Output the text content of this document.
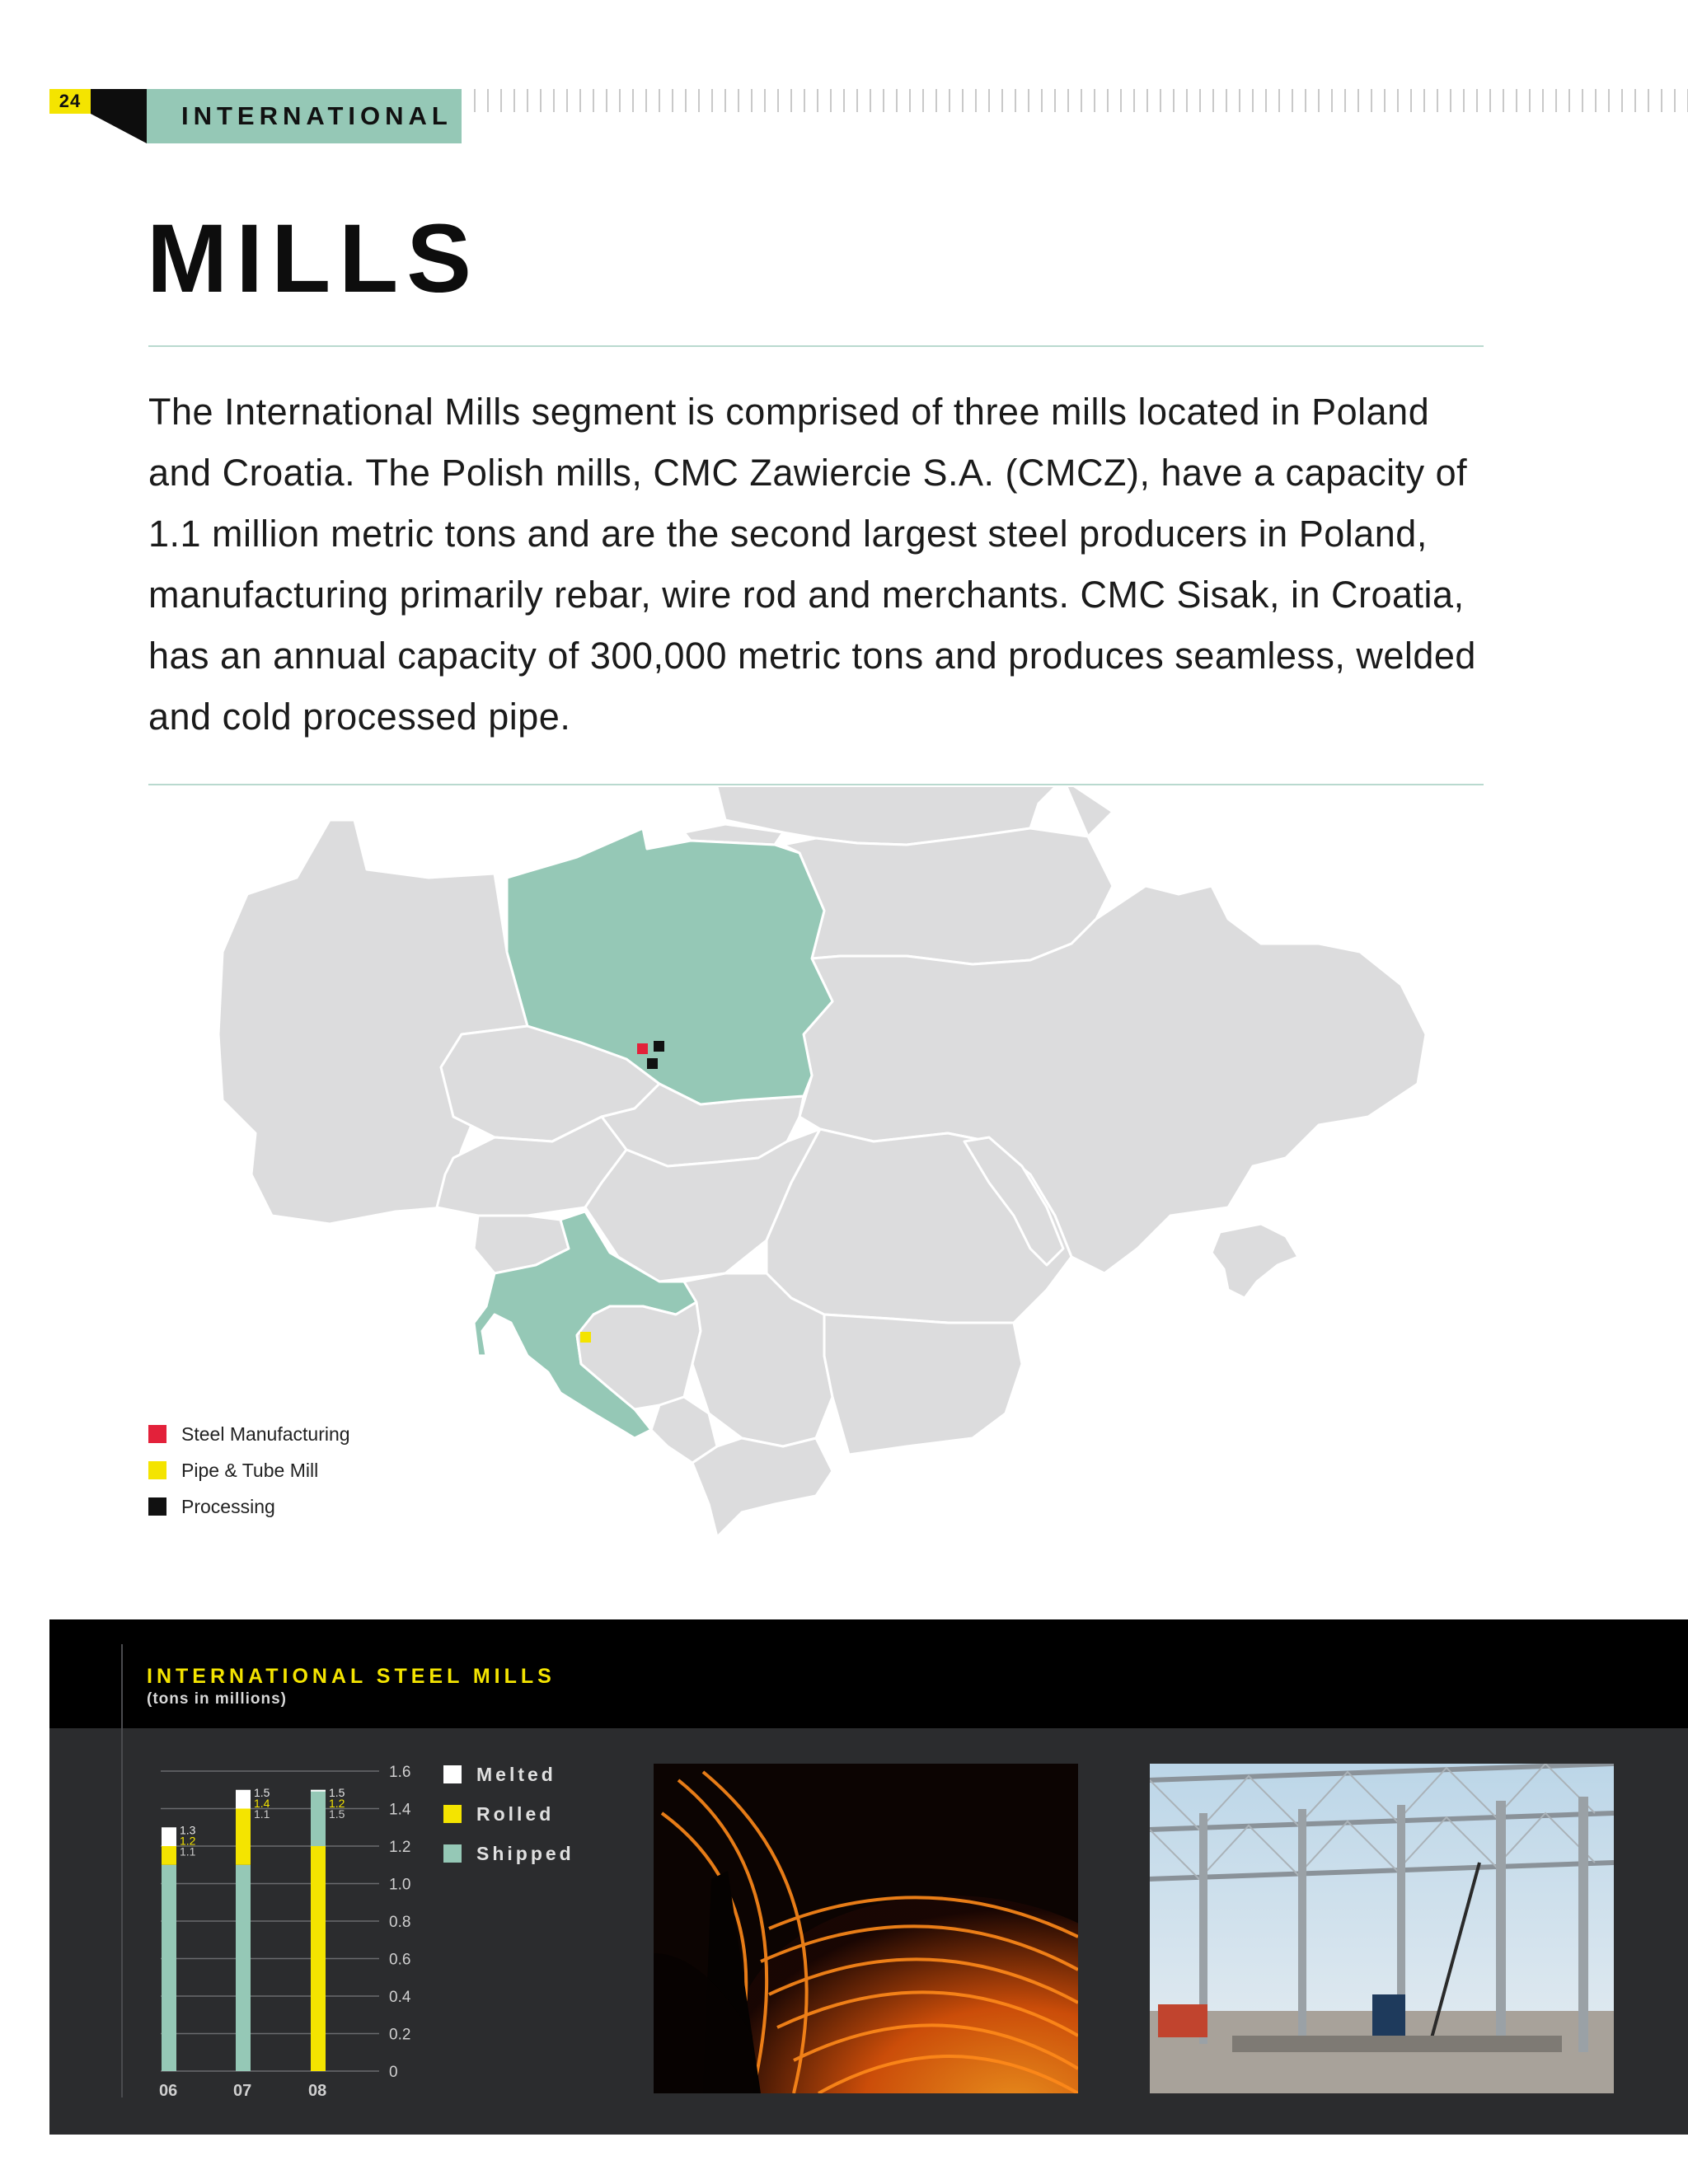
24
INTERNATIONAL
MILLS
The International Mills segment is comprised of three mills located in Poland and Croatia. The Polish mills, CMC Zawiercie S.A. (CMCZ), have a capacity of 1.1 million metric tons and are the second largest steel producers in Poland, manufacturing primarily rebar, wire rod and merchants. CMC Sisak, in Croatia, has an annual capacity of 300,000 metric tons and produces seamless, welded and cold processed pipe.
Steel Manufacturing
Pipe & Tube Mill
Processing
INTERNATIONAL STEEL MILLS
(tons in millions)
0
0.2
0.4
0.6
0.8
1.0
1.2
1.4
1.6
1.3
1.2
1.1
06
1.5
1.4
1.1
07
1.5
1.2
1.5
08
Melted
Rolled
Shipped
